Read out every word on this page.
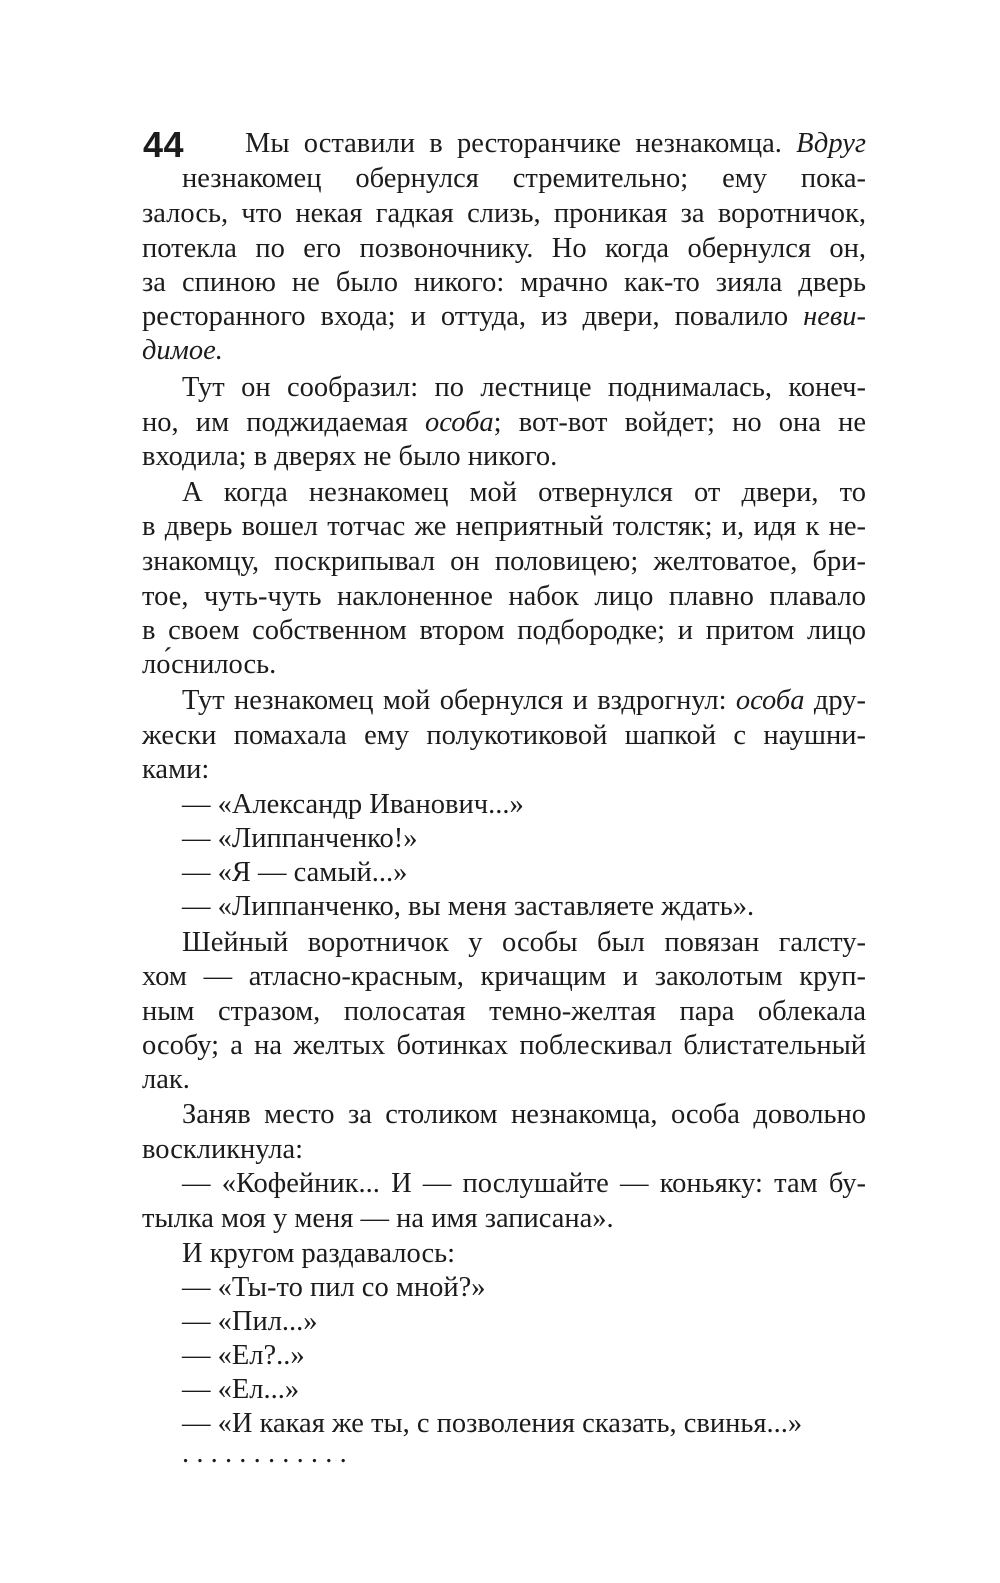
44 Мы оставили в ресторанчике незнакомца. Вдруг
незнакомец обернулся стремительно; ему пока-
залось, что некая гадкая слизь, проникая за воротничок,
потекла по его позвоночнику. Но когда обернулся он,
за спиною не было никого: мрачно как-то зияла дверь
ресторанного входа; и оттуда, из двери, повалило неви-
димое.
Тут он сообразил: по лестнице поднималась, конеч-
но, им поджидаемая особа; вот-вот войдет; но она не
входила; в дверях не было никого.
А когда незнакомец мой отвернулся от двери, то
в дверь вошел тотчас же неприятный толстяк; и, идя к не-
знакомцу, поскрипывал он половицею; желтоватое, бри-
тое, чуть-чуть наклоненное набок лицо плавно плавало
в своем собственном втором подбородке; и притом лицо
ло́снилось.
Тут незнакомец мой обернулся и вздрогнул: особа дру-
жески помахала ему полукотиковой шапкой с наушни-
ками:
— «Александр Иванович...»
— «Липпанченко!»
— «Я — самый...»
— «Липпанченко, вы меня заставляете ждать».
Шейный воротничок у особы был повязан галсту-
хом — атласно-красным, кричащим и заколотым круп-
ным стразом, полосатая темно-желтая пара облекала
особу; а на желтых ботинках поблескивал блистательный
лак.
Заняв место за столиком незнакомца, особа довольно
воскликнула:
— «Кофейник... И — послушайте — коньяку: там бу-
тылка моя у меня — на имя записана».
И кругом раздавалось:
— «Ты-то пил со мной?»
— «Пил...»
— «Ел?..»
— «Ел...»
— «И какая же ты, с позволения сказать, свинья...»
............
